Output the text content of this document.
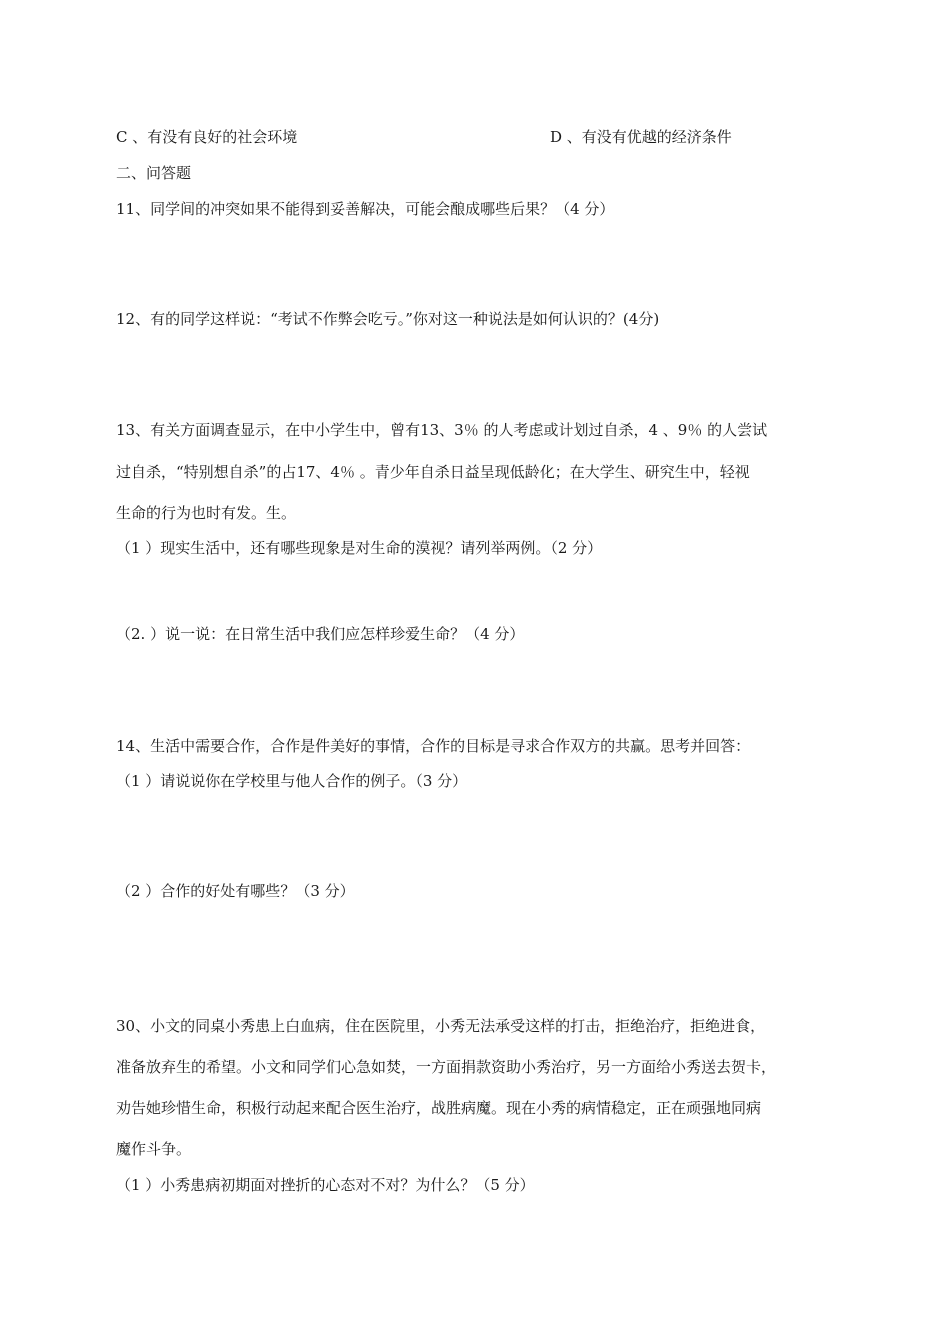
C 、有没有良好的社会环境	D 、有没有优越的经济条件
二、问答题
11、同学间的冲突如果不能得到妥善解决，可能会酿成哪些后果？（4 分）
12、有的同学这样说：“考试不作弊会吃亏。”你对这一种说法是如何认识的？(4分)
13、有关方面调查显示，在中小学生中，曾有13、3％ 的人考虑或计划过自杀，4 、9％ 的人尝试
过自杀，“特别想自杀”的占17、4％ 。青少年自杀日益呈现低龄化；在大学生、研究生中，轻视
生命的行为也时有发。生。
（1 ）现实生活中，还有哪些现象是对生命的漠视？请列举两例。（2 分）
（2. ）说一说：在日常生活中我们应怎样珍爱生命？（4 分）
14、生活中需要合作，合作是件美好的事情，合作的目标是寻求合作双方的共赢。思考并回答：
（1 ）请说说你在学校里与他人合作的例子。（3 分）
（2 ）合作的好处有哪些？（3 分）
30、小文的同桌小秀患上白血病，住在医院里，小秀无法承受这样的打击，拒绝治疗，拒绝进食，
准备放弃生的希望。小文和同学们心急如焚，一方面捐款资助小秀治疗，另一方面给小秀送去贺卡，
劝告她珍惜生命，积极行动起来配合医生治疗，战胜病魔。现在小秀的病情稳定，正在顽强地同病
魔作斗争。
（1 ）小秀患病初期面对挫折的心态对不对？为什么？（5 分）
